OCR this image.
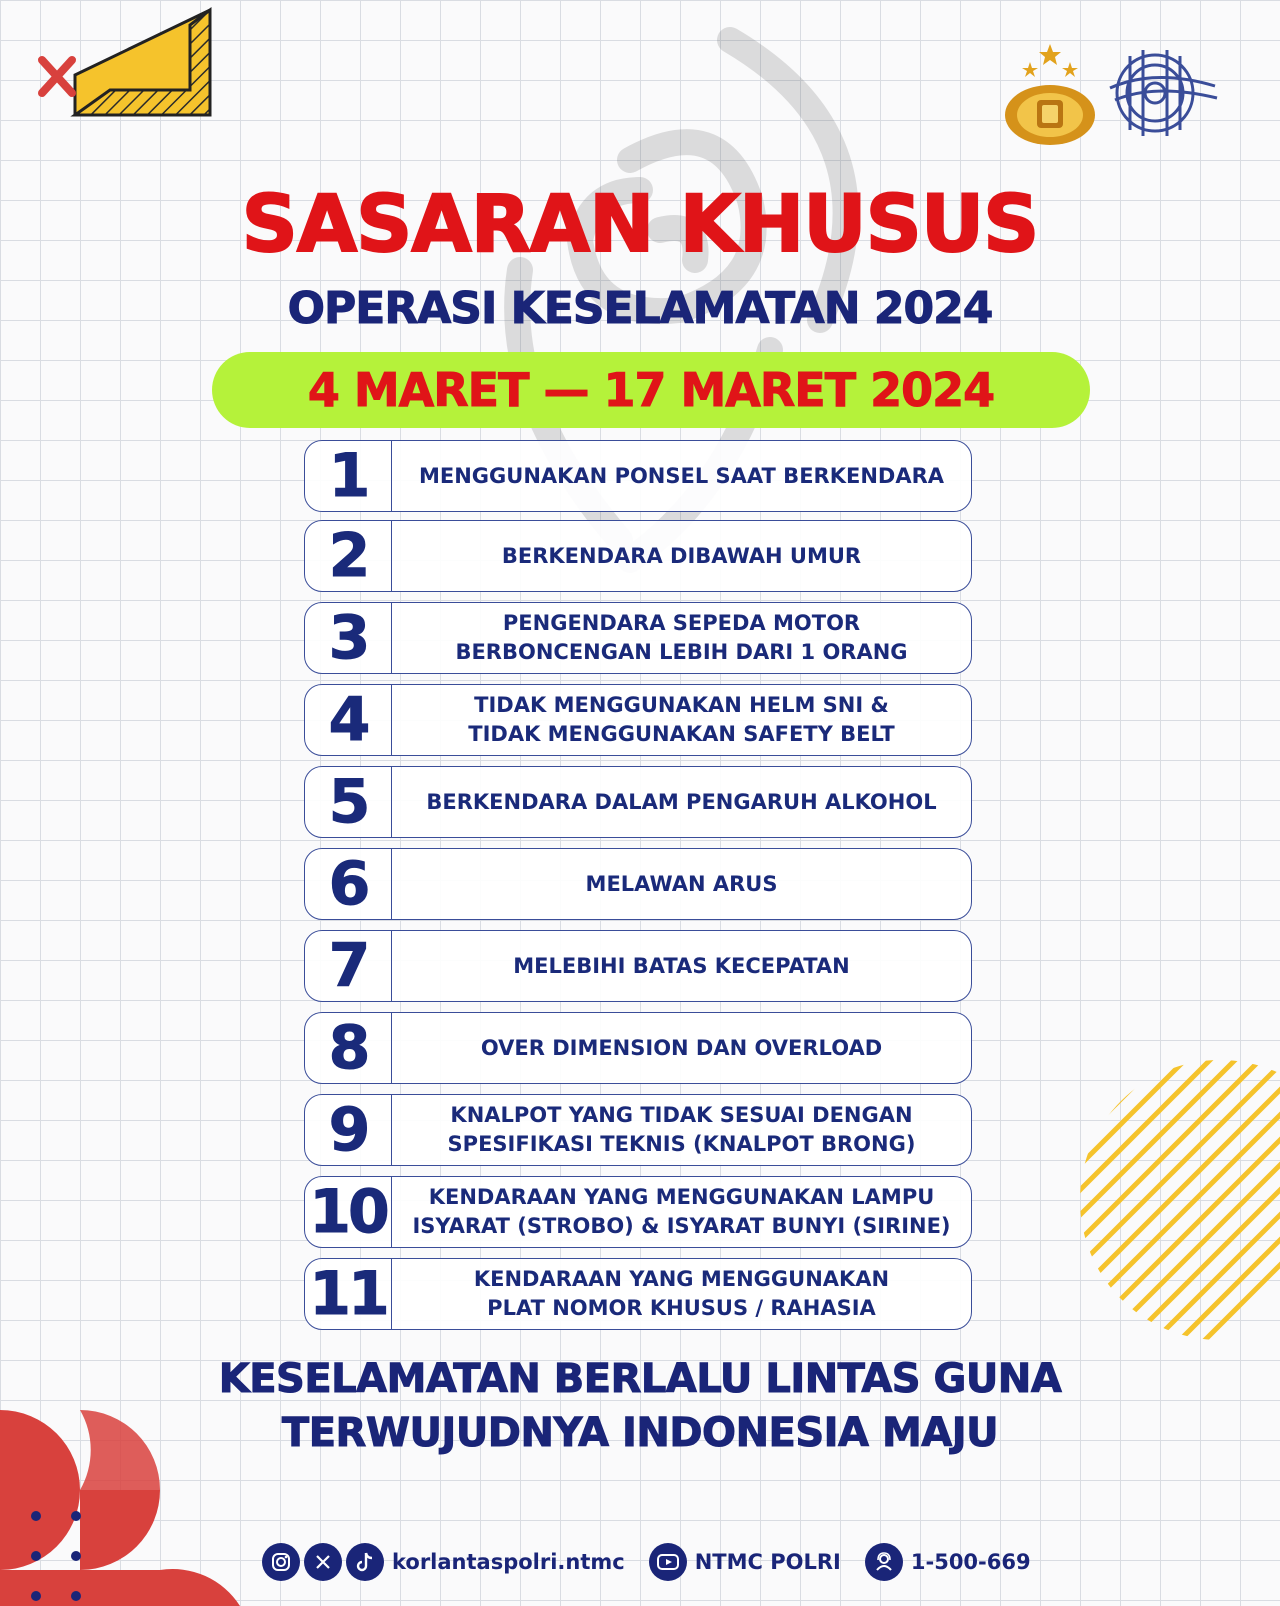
SASARAN KHUSUS
OPERASI KESELAMATAN 2024
4 MARET — 17 MARET 2024
1	MENGGUNAKAN PONSEL SAAT BERKENDARA
2	BERKENDARA DIBAWAH UMUR
3	PENGENDARA SEPEDA MOTOR
BERBONCENGAN LEBIH DARI 1 ORANG
4	TIDAK MENGGUNAKAN HELM SNI &
TIDAK MENGGUNAKAN SAFETY BELT
5	BERKENDARA DALAM PENGARUH ALKOHOL
6	MELAWAN ARUS
7	MELEBIHI BATAS KECEPATAN
8	OVER DIMENSION DAN OVERLOAD
9	KNALPOT YANG TIDAK SESUAI DENGAN
SPESIFIKASI TEKNIS (KNALPOT BRONG)
10	KENDARAAN YANG MENGGUNAKAN LAMPU
ISYARAT (STROBO) & ISYARAT BUNYI (SIRINE)
11	KENDARAAN YANG MENGGUNAKAN
PLAT NOMOR KHUSUS / RAHASIA
KESELAMATAN BERLALU LINTAS GUNA
TERWUJUDNYA INDONESIA MAJU
korlantaspolri.ntmc	NTMC POLRI	1-500-669
